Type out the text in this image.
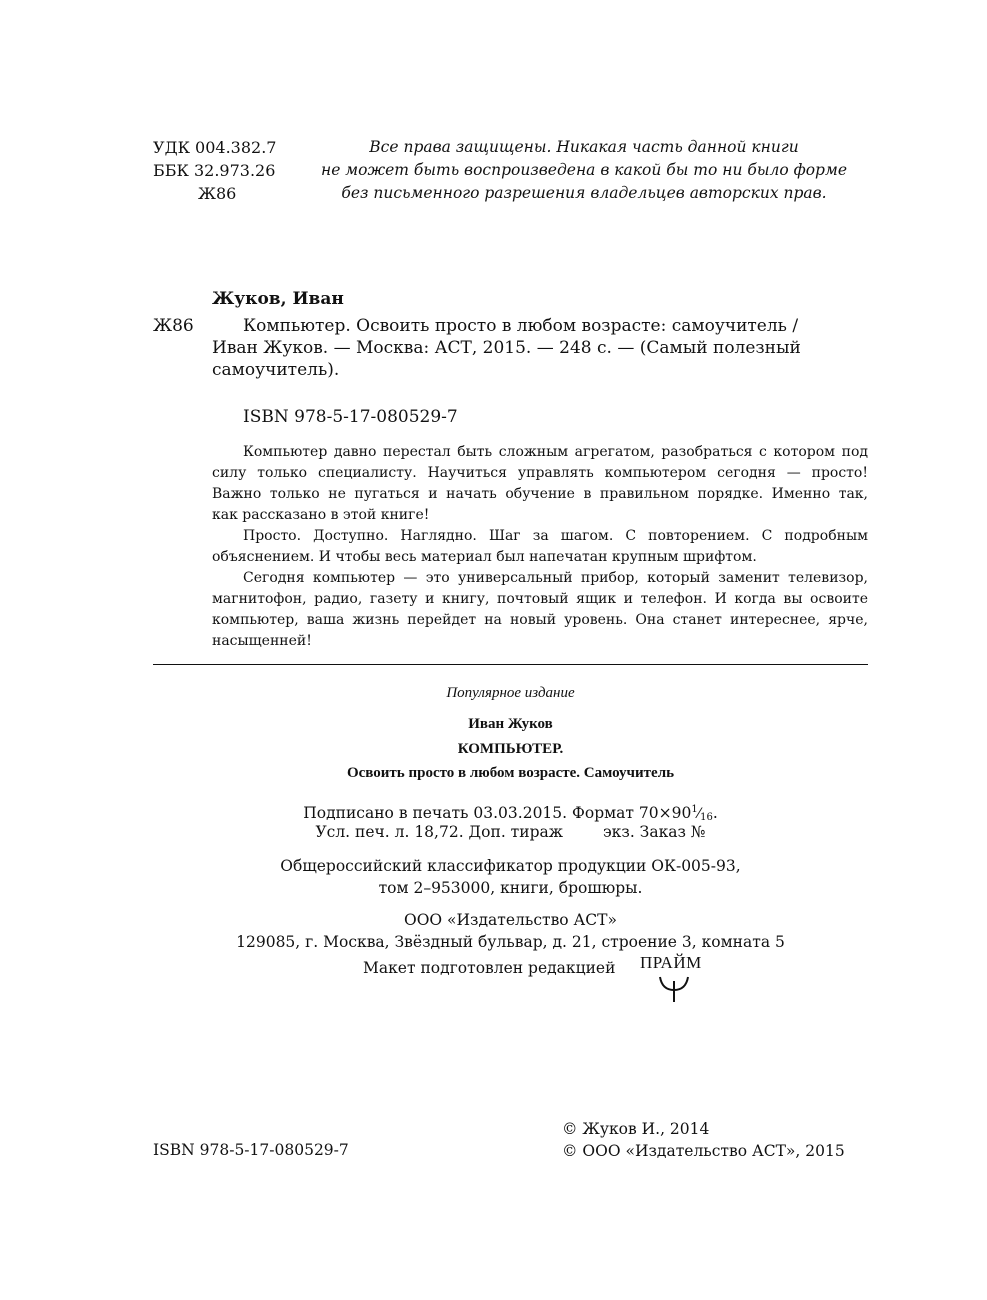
УДК 004.382.7
ББК 32.973.26
Ж86
Все права защищены. Никакая часть данной книги
не может быть воспроизведена в какой бы то ни было форме
без письменного разрешения владельцев авторских прав.
Жуков, Иван
Ж86	Компьютер. Освоить просто в любом возрасте: самоучитель /
Иван Жуков. — Москва: АСТ, 2015. — 248 с. — (Самый полезный
самоучитель).
ISBN 978-5-17-080529-7
Компьютер давно перестал быть сложным агрегатом, разобраться с котором под
силу только специалисту. Научиться управлять компьютером сегодня — просто!
Важно только не пугаться и начать обучение в правильном порядке. Именно так,
как рассказано в этой книге!
Просто. Доступно. Наглядно. Шаг за шагом. С повторением. С подробным
объяснением. И чтобы весь материал был напечатан крупным шрифтом.
Сегодня компьютер — это универсальный прибор, который заменит телевизор,
магнитофон, радио, газету и книгу, почтовый ящик и телефон. И когда вы освоите
компьютер, ваша жизнь перейдет на новый уровень. Она станет интереснее, ярче,
насыщенней!
Популярное издание
Иван Жуков
КОМПЬЮТЕР.
Освоить просто в любом возрасте. Самоучитель
Подписано в печать 03.03.2015. Формат $70\times 90^1⁄_{16}$.
Усл. печ. л. 18,72. Доп. тираж	экз. Заказ №
Общероссийский классификатор продукции ОК-005-93,
том 2–953000, книги, брошюры.
ООО «Издательство АСТ»
129085, г. Москва, Звёздный бульвар, д. 21, строение 3, комната 5
Макет подготовлен редакцией ПРАЙМ
ISBN 978-5-17-080529-7
© Жуков И., 2014
© ООО «Издательство АСТ», 2015
